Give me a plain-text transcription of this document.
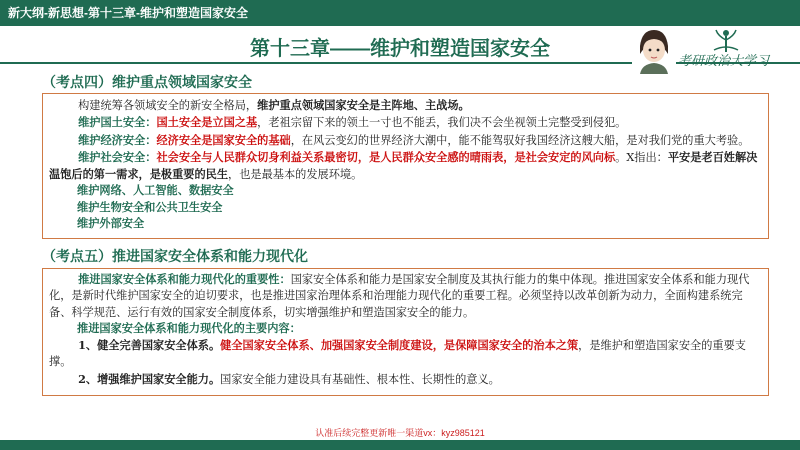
新大纲-新思想-第十三章-维护和塑造国家安全
第十三章——维护和塑造国家安全
考研政治大学习
（考点四）维护重点领域国家安全

构建统筹各领域安全的新安全格局，维护重点领域国家安全是主阵地、主战场。

维护国土安全：国土安全是立国之基，老祖宗留下来的领土一寸也不能丢，我们决不会坐视领土完整受到侵犯。

维护经济安全：经济安全是国家安全的基础，在风云变幻的世界经济大潮中，能不能驾驭好我国经济这艘大船，是对我们党的重大考验。

维护社会安全：社会安全与人民群众切身利益关系最密切，是人民群众安全感的晴雨表，是社会安定的风向标。X指出：平安是老百姓解决温饱后的第一需求，是极重要的民生，也是最基本的发展环境。

维护网络、人工智能、数据安全
维护生物安全和公共卫生安全
维护外部安全
（考点五）推进国家安全体系和能力现代化

推进国家安全体系和能力现代化的重要性：国家安全体系和能力是国家安全制度及其执行能力的集中体现。推进国家安全体系和能力现代化，是新时代维护国家安全的迫切要求，也是推进国家治理体系和治理能力现代化的重要工程。必须坚持以改革创新为动力，全面构建系统完备、科学规范、运行有效的国家安全制度体系，切实增强维护和塑造国家安全的能力。

推进国家安全体系和能力现代化的主要内容：

1、健全完善国家安全体系。健全国家安全体系、加强国家安全制度建设，是保障国家安全的治本之策，是维护和塑造国家安全的重要支撑。

2、增强维护国家安全能力。国家安全能力建设具有基础性、根本性、长期性的意义。

认准后续完整更新唯一渠道vx：kyz985121
